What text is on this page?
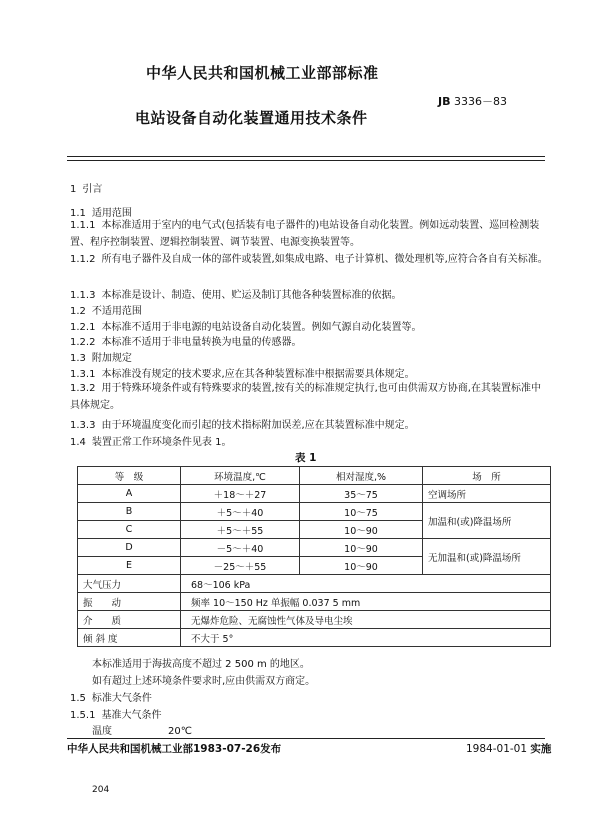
中华人民共和国机械工业部部标准
JB 3336－83
电站设备自动化装置通用技术条件
1 引言
1.1 适用范围
1.1.1 本标准适用于室内的电气式(包括装有电子器件的)电站设备自动化装置。例如远动装置、巡回检测装置、程序控制装置、逻辑控制装置、调节装置、电源变换装置等。
1.1.2 所有电子器件及自成一体的部件或装置,如集成电路、电子计算机、微处理机等,应符合各自有关标准。
1.1.3 本标准是设计、制造、使用、贮运及制订其他各种装置标准的依据。
1.2 不适用范围
1.2.1 本标准不适用于非电源的电站设备自动化装置。例如气源自动化装置等。
1.2.2 本标准不适用于非电量转换为电量的传感器。
1.3 附加规定
1.3.1 本标准没有规定的技术要求,应在其各种装置标准中根据需要具体规定。
1.3.2 用于特殊环境条件或有特殊要求的装置,按有关的标准规定执行,也可由供需双方协商,在其装置标准中具体规定。
1.3.3 由于环境温度变化而引起的技术指标附加误差,应在其装置标准中规定。
1.4 装置正常工作环境条件见表 1。
表 1
等　级	环境温度,℃	相对湿度,%	场　所
A	＋18～＋27	35～75	空调场所
B	＋5～＋40	10～75	加温和(或)降温场所
C	＋5～＋55	10～90	
D	－5～＋40	10～90	无加温和(或)降温场所
E	－25～＋55	10～90	
大气压力	68～106 kPa		
振　　动	频率 10～150 Hz 单振幅 0.037 5 mm		
介　　质	无爆炸危险、无腐蚀性气体及导电尘埃		
倾 斜 度	不大于 5°		
本标准适用于海拔高度不超过 2 500 m 的地区。
如有超过上述环境条件要求时,应由供需双方商定。
1.5 标准大气条件
1.5.1 基准大气条件
温度	20℃
中华人民共和国机械工业部1983-07-26发布	1984-01-01 实施
204
